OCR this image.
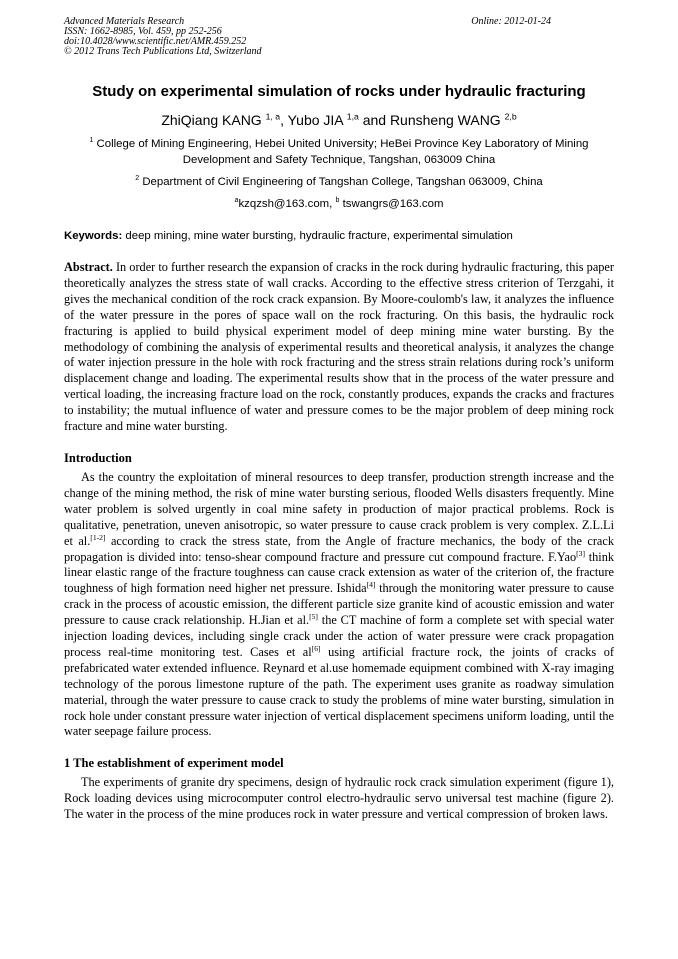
Advanced Materials Research
ISSN: 1662-8985, Vol. 459, pp 252-256
doi:10.4028/www.scientific.net/AMR.459.252
© 2012 Trans Tech Publications Ltd, Switzerland
Online: 2012-01-24
Study on experimental simulation of rocks under hydraulic fracturing
ZhiQiang KANG $^{1, a}$, Yubo JIA $^{1,a}$ and Runsheng WANG $^{2,b}$
$^1$ College of Mining Engineering, Hebei United University; HeBei Province Key Laboratory of Mining
Development and Safety Technique, Tangshan, 063009 China
$^2$ Department of Civil Engineering of Tangshan College, Tangshan 063009, China
$^a$kzqzsh@163.com, $^b$ tswangrs@163.com
Keywords: deep mining, mine water bursting, hydraulic fracture, experimental simulation

Abstract. In order to further research the expansion of cracks in the rock during hydraulic fracturing, this paper theoretically analyzes the stress state of wall cracks. According to the effective stress criterion of Terzgahi, it gives the mechanical condition of the rock crack expansion. By Moore-coulomb's law, it analyzes the influence of the water pressure in the pores of space wall on the rock fracturing. On this basis, the hydraulic rock fracturing is applied to build physical experiment model of deep mining mine water bursting. By the methodology of combining the analysis of experimental results and theoretical analysis, it analyzes the change of water injection pressure in the hole with rock fracturing and the stress strain relations during rock’s uniform displacement change and loading. The experimental results show that in the process of the water pressure and vertical loading, the increasing fracture load on the rock, constantly produces, expands the cracks and fractures to instability; the mutual influence of water and pressure comes to be the major problem of deep mining rock fracture and mine water bursting.

Introduction

As the country the exploitation of mineral resources to deep transfer, production strength increase and the change of the mining method, the risk of mine water bursting serious, flooded Wells disasters frequently. Mine water problem is solved urgently in coal mine safety in production of major practical problems. Rock is qualitative, penetration, uneven anisotropic, so water pressure to cause crack problem is very complex. Z.L.Li et al.[1-2] according to crack the stress state, from the Angle of fracture mechanics, the body of the crack propagation is divided into: tenso-shear compound fracture and pressure cut compound fracture. F.Yao[3] think linear elastic range of the fracture toughness can cause crack extension as water of the criterion of, the fracture toughness of high formation need higher net pressure. Ishida[4] through the monitoring water pressure to cause crack in the process of acoustic emission, the different particle size granite kind of acoustic emission and water pressure to cause crack relationship. H.Jian et al.[5] the CT machine of form a complete set with special water injection loading devices, including single crack under the action of water pressure were crack propagation process real-time monitoring test. Cases et al[6] using artificial fracture rock, the joints of cracks of prefabricated water extended influence. Reynard et al.use homemade equipment combined with X-ray imaging technology of the porous limestone rupture of the path. The experiment uses granite as roadway simulation material, through the water pressure to cause crack to study the problems of mine water bursting, simulation in rock hole under constant pressure water injection of vertical displacement specimens uniform loading, until the water seepage failure process.

1 The establishment of experiment model

The experiments of granite dry specimens, design of hydraulic rock crack simulation experiment (figure 1), Rock loading devices using microcomputer control electro-hydraulic servo universal test machine (figure 2). The water in the process of the mine produces rock in water pressure and vertical compression of broken laws.
